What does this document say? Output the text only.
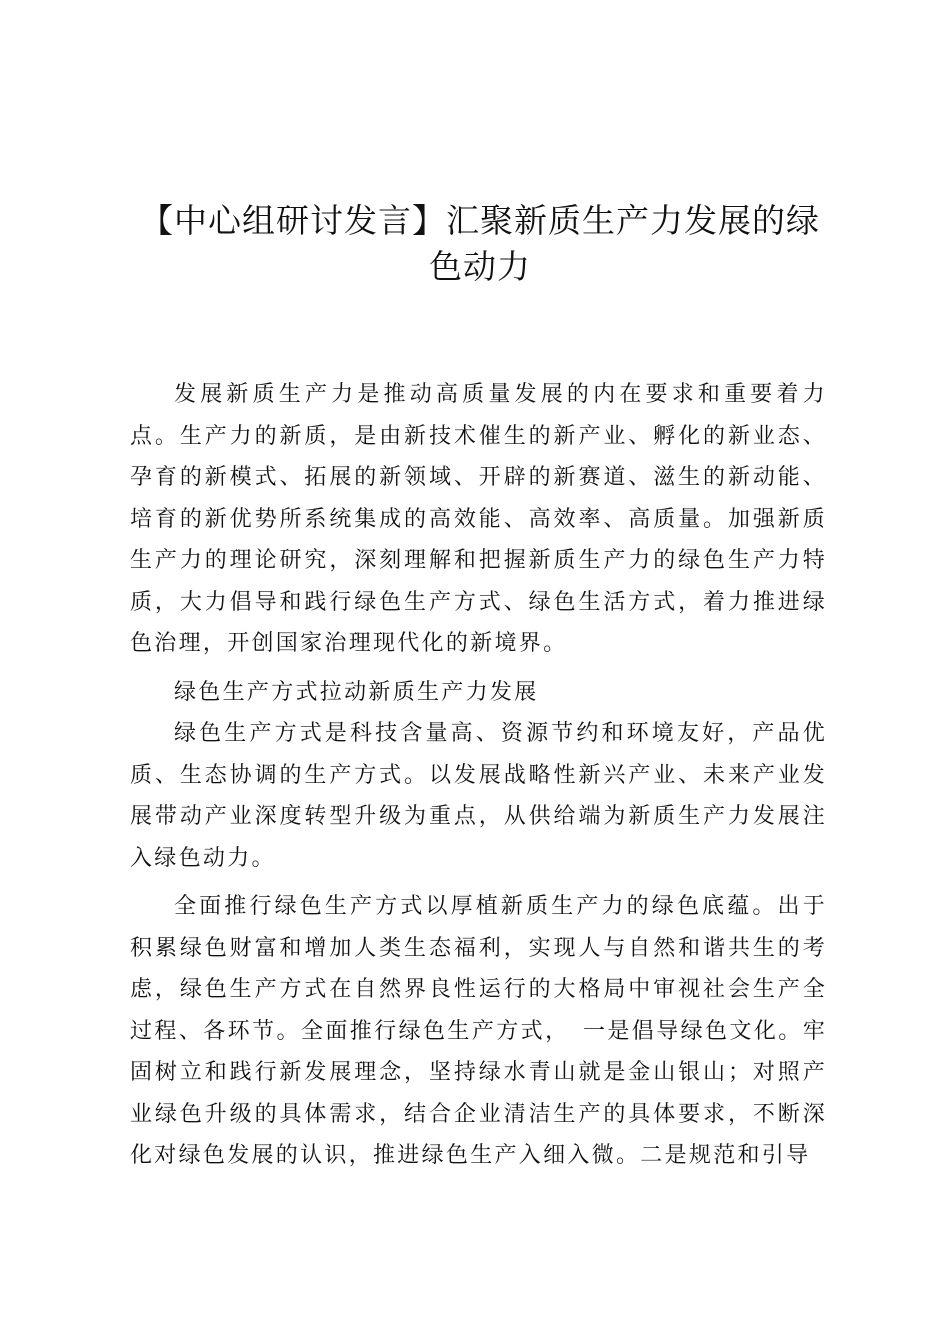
【中心组研讨发言】汇聚新质生产力发展的绿色动力

发展新质生产力是推动高质量发展的内在要求和重要着力点。生产力的新质，是由新技术催生的新产业、孵化的新业态、孕育的新模式、拓展的新领域、开辟的新赛道、滋生的新动能、培育的新优势所系统集成的高效能、高效率、高质量。加强新质生产力的理论研究，深刻理解和把握新质生产力的绿色生产力特质，大力倡导和践行绿色生产方式、绿色生活方式，着力推进绿色治理，开创国家治理现代化的新境界。

绿色生产方式拉动新质生产力发展

绿色生产方式是科技含量高、资源节约和环境友好，产品优质、生态协调的生产方式。以发展战略性新兴产业、未来产业发展带动产业深度转型升级为重点，从供给端为新质生产力发展注入绿色动力。

全面推行绿色生产方式以厚植新质生产力的绿色底蕴。出于积累绿色财富和增加人类生态福利，实现人与自然和谐共生的考虑，绿色生产方式在自然界良性运行的大格局中审视社会生产全过程、各环节。全面推行绿色生产方式，　一是倡导绿色文化。牢固树立和践行新发展理念，坚持绿水青山就是金山银山；对照产业绿色升级的具体需求，结合企业清洁生产的具体要求，不断深化对绿色发展的认识，推进绿色生产入细入微。二是规范和引导
